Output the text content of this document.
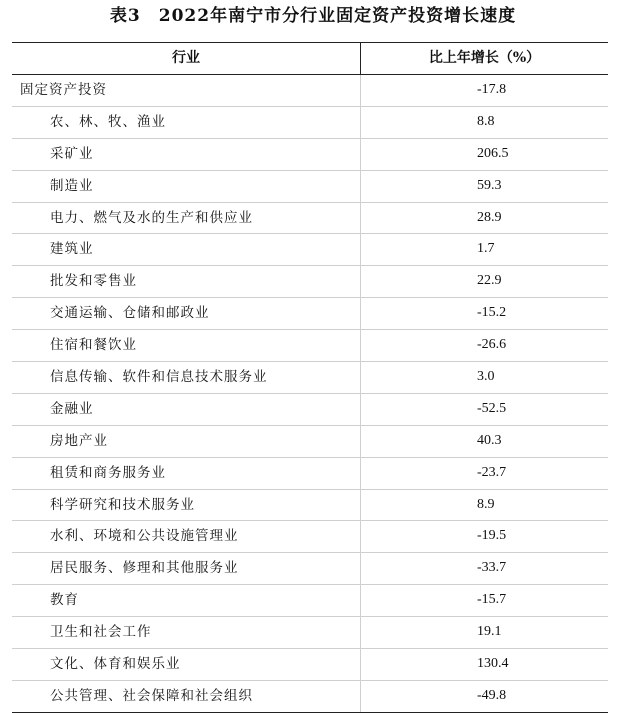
表3　2022年南宁市分行业固定资产投资增长速度
行业	比上年增长（%）
固定资产投资	-17.8
农、林、牧、渔业	8.8
采矿业	206.5
制造业	59.3
电力、燃气及水的生产和供应业	28.9
建筑业	1.7
批发和零售业	22.9
交通运输、仓储和邮政业	-15.2
住宿和餐饮业	-26.6
信息传输、软件和信息技术服务业	3.0
金融业	-52.5
房地产业	40.3
租赁和商务服务业	-23.7
科学研究和技术服务业	8.9
水利、环境和公共设施管理业	-19.5
居民服务、修理和其他服务业	-33.7
教育	-15.7
卫生和社会工作	19.1
文化、体育和娱乐业	130.4
公共管理、社会保障和社会组织	-49.8
